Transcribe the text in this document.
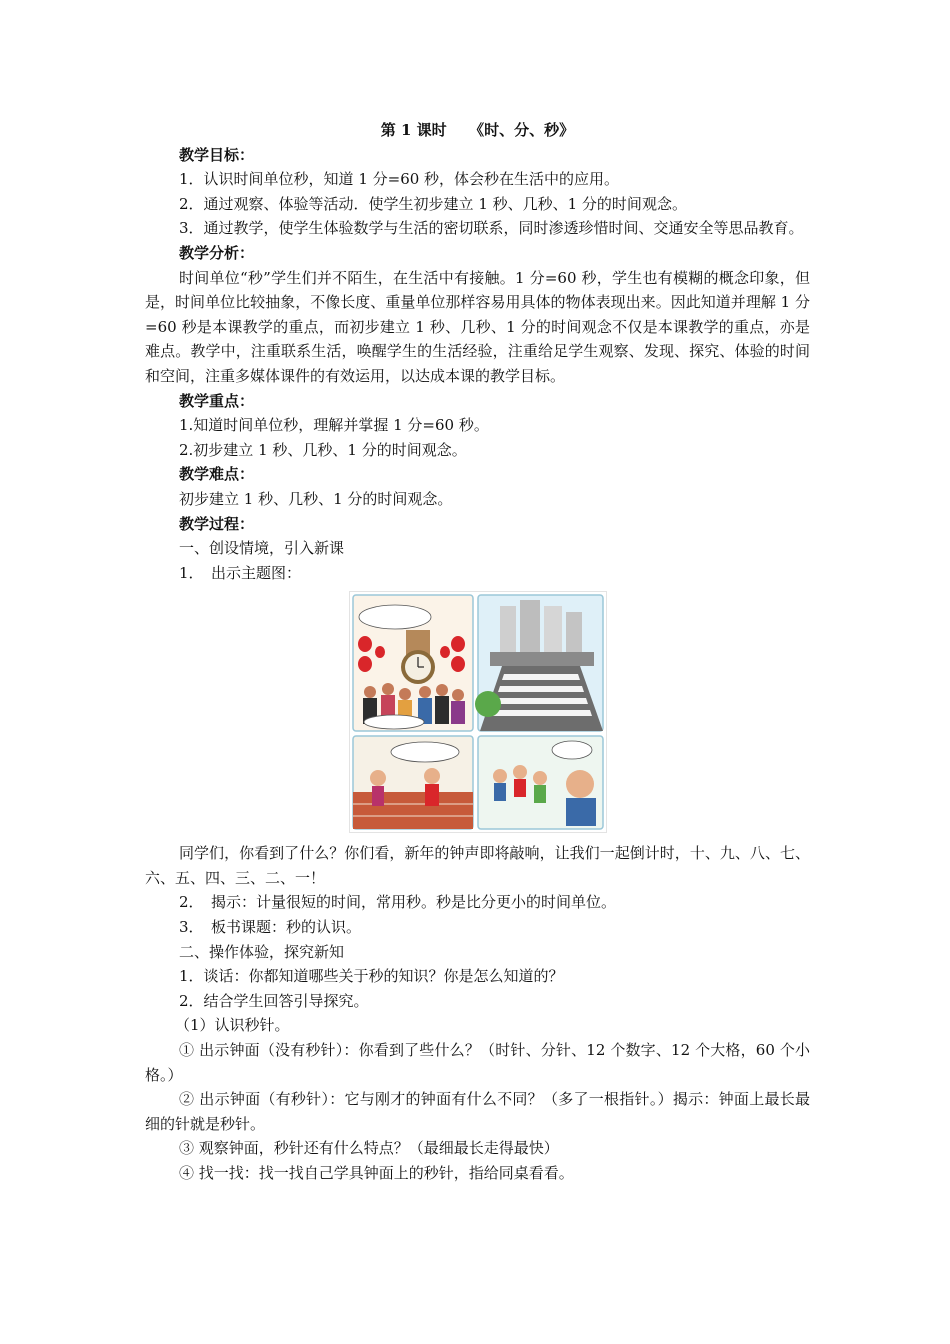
第 1 课时　　《时、分、秒》
教学目标：
1．认识时间单位秒，知道 1 分=60 秒，体会秒在生活中的应用。
2．通过观察、体验等活动．使学生初步建立 1 秒、几秒、1 分的时间观念。
3．通过教学，使学生体验数学与生活的密切联系，同时渗透珍惜时间、交通安全等思品教育。
教学分析：
时间单位“秒”学生们并不陌生，在生活中有接触。1 分=60 秒，学生也有模糊的概念印象，但是，时间单位比较抽象，不像长度、重量单位那样容易用具体的物体表现出来。因此知道并理解 1 分=60 秒是本课教学的重点，而初步建立 1 秒、几秒、1 分的时间观念不仅是本课教学的重点，亦是难点。教学中，注重联系生活，唤醒学生的生活经验，注重给足学生观察、发现、探究、体验的时间和空间，注重多媒体课件的有效运用，以达成本课的教学目标。
教学重点：
1.知道时间单位秒，理解并掌握 1 分=60 秒。
2.初步建立 1 秒、几秒、1 分的时间观念。
教学难点：
初步建立 1 秒、几秒、1 分的时间观念。
教学过程：
一、创设情境，引入新课
1．　出示主题图：
同学们，你看到了什么？你们看，新年的钟声即将敲响，让我们一起倒计时，十、九、八、七、六、五、四、三、二、一！
2．　揭示：计量很短的时间，常用秒。秒是比分更小的时间单位。
3．　板书课题：秒的认识。
二、操作体验，探究新知
1．谈话：你都知道哪些关于秒的知识？你是怎么知道的？
2．结合学生回答引导探究。
（1）认识秒针。
① 出示钟面（没有秒针）：你看到了些什么？（时针、分针、12 个数字、12 个大格，60 个小格。）
② 出示钟面（有秒针）：它与刚才的钟面有什么不同？（多了一根指针。）揭示：钟面上最长最细的针就是秒针。
③ 观察钟面，秒针还有什么特点？（最细最长走得最快）
④ 找一找：找一找自己学具钟面上的秒针，指给同桌看看。
